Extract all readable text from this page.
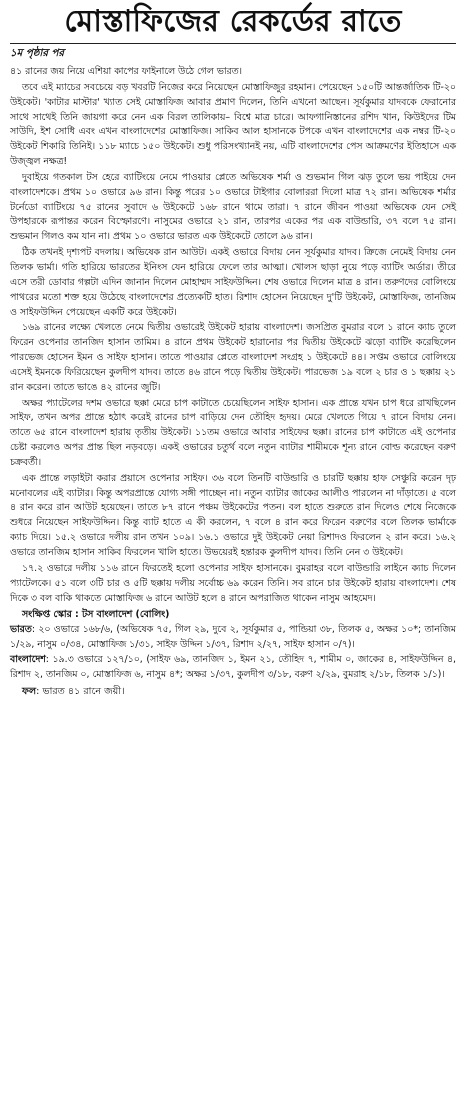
মোস্তাফিজের রেকর্ডের রাতে
১ম পৃষ্ঠার পর

৪১ রানের জয় নিয়ে এশিয়া কাপের ফাইনালে উঠে গেল ভারত।

তবে এই ম্যাচের সবচেয়ে বড় খবরটি নিজের করে নিয়েছেন মোস্তাফিজুর রহমান। পেয়েছেন ১৫০টি আন্তর্জাতিক টি-২০ উইকেট। 'কাটার মাস্টার' খ্যাত সেই মোস্তাফিজ আবার প্রমাণ দিলেন, তিনি এখনো আছেন। সূর্যকুমার যাদবকে ফেরানোর সাথে সাথেই তিনি জায়গা করে নেন এক বিরল তালিকায়– বিশ্বে মাত্র চারে। আফগানিস্তানের রশিদ খান, কিউইদের টিম সাউদি, ইশ সোধি এবং এখন বাংলাদেশের মোস্তাফিজ। সাকিব আল হাসানকে টপকে এখন বাংলাদেশের এক নম্বর টি-২০ উইকেট শিকারি তিনিই। ১১৮ ম্যাচে ১৫০ উইকেট। শুধু পরিসংখ্যানই নয়, এটি বাংলাদেশের পেস আক্রমণের ইতিহাসে এক উজ্জ্বল নক্ষত্র!

দুবাইয়ে গতকাল টস হেরে ব্যাটিংয়ে নেমে পাওয়ার প্লেতে অভিষেক শর্মা ও শুভমান গিল ঝড় তুলে ভয় পাইয়ে দেন বাংলাদেশকে। প্রথম ১০ ওভারে ৯৬ রান। কিন্তু পরের ১০ ওভারে টাইগার বোলাররা দিলো মাত্র ৭২ রান। অভিষেক শর্মার টর্নেডো ব্যাটিংয়ে ৭৫ রানের সুবাদে ৬ উইকেটে ১৬৮ রানে থামে তারা। ৭ রানে জীবন পাওয়া অভিষেক যেন সেই উপহারকে রূপান্তর করেন বিস্ফোরণে। নাসুমের ওভারে ২১ রান, তারপর একের পর এক বাউন্ডারি, ৩৭ বলে ৭৫ রান। শুভমান গিলও কম যান না। প্রথম ১০ ওভারে ভারত এক উইকেটে তোলে ৯৬ রান।

ঠিক তখনই দৃশ্যপট বদলায়। অভিষেক রান আউট। একই ওভারে বিদায় নেন সূর্যকুমার যাদব। ক্রিজে নেমেই বিদায় নেন তিলক ভার্মা। গতি হারিয়ে ভারতের ইনিংস যেন হারিয়ে ফেলে তার আত্মা। খোলস ছাড়া নুয়ে পড়ে ব্যাটিং অর্ডার। তীরে এসে তরী ডোবার গল্পটা এদিন জানান দিলেন মোহাম্মদ সাইফউদ্দিন। শেষ ওভারে দিলেন মাত্র ৪ রান। তরুণদের বোলিংয়ে পাথরের মতো শক্ত হয়ে উঠেছে বাংলাদেশের প্রত্যেকটি হাত। রিশাদ হোসেন নিয়েছেন দু'টি উইকেট, মোস্তাফিজ, তানজিম ও সাইফউদ্দিন পেয়েছেন একটি করে উইকেট।

১৬৯ রানের লক্ষ্যে খেলতে নেমে দ্বিতীয় ওভারেই উইকেট হারায় বাংলাদেশ। জসপ্রিত বুমরার বলে ১ রানে ক্যাচ তুলে ফিরেন ওপেনার তানজিদ হাসান তামিম। ৪ রানে প্রথম উইকেট হারানোর পর দ্বিতীয় উইকেটে ঝড়ো ব্যাটিং করেছিলেন পারভেজ হোসেন ইমন ও সাইফ হাসান। তাতে পাওয়ার প্লেতে বাংলাদেশ সংগ্রহ ১ উইকেটে ৪৪। সপ্তম ওভারে বোলিংয়ে এসেই ইমনকে ফিরিয়েছেন কুলদীপ যাদব। তাতে ৪৬ রানে পড়ে দ্বিতীয় উইকেট। পারভেজ ১৯ বলে ২ চার ও ১ ছক্কায় ২১ রান করেন। তাতে ভাঙে ৪২ রানের জুটি।

অক্ষর প্যাটেলের দশম ওভারে ছক্কা মেরে চাপ কাটাতে চেয়েছিলেন সাইফ হাসান। এক প্রান্তে যখন চাপ ধরে রাখছিলেন সাইফ, তখন অপর প্রান্তে হঠাৎ করেই রানের চাপ বাড়িয়ে দেন তৌহিদ হৃদয়। মেরে খেলতে গিয়ে ৭ রানে বিদায় নেন। তাতে ৬৫ রানে বাংলাদেশ হারায় তৃতীয় উইকেট। ১১তম ওভারে আবার সাইফের ছক্কা। রানের চাপ কাটাতে এই ওপেনার চেষ্টা করলেও অপর প্রান্ত ছিল নড়বড়ে। একই ওভারের চতুর্থ বলে নতুন ব্যাটার শামীমকে শূন্য রানে বোল্ড করেছেন বরুণ চক্রবর্তী।

এক প্রান্তে লড়াইটা করার প্রয়াসে ওপেনার সাইফ। ৩৬ বলে তিনটি বাউন্ডারি ও চারটি ছক্কায় হাফ সেঞ্চুরি করেন দৃঢ় মনোবলের এই ব্যাটার। কিন্তু অপরপ্রান্তে যোগ্য সঙ্গী পাচ্ছেন না। নতুন ব্যাটার জাকের আলীও পারলেন না দাঁড়াতে। ৫ বলে ৪ রান করে রান আউট হয়েছেন। তাতে ৮৭ রানে পঞ্চম উইকেটের পতন। বল হাতে শুরুতে রান দিলেও শেষে নিজেকে শুধরে নিয়েছেন সাইফউদ্দিন। কিন্তু ব্যাট হাতে এ কী করলেন, ৭ বলে ৪ রান করে ফিরেন বরুণের বলে তিলক ভার্মাকে ক্যাচ দিয়ে। ১৫.২ ওভারে দলীয় রান তখন ১০৯। ১৬.১ ওভারে দুই উইকেট নেয়া রিশাদও ফিরলেন ২ রান করে। ১৬.২ ওভারে তানজিম হাসান সাকিব ফিরলেন খালি হাতে। উভয়েরই হন্তারক কুলদীপ যাদব। তিনি নেন ৩ উইকেট।

১৭.২ ওভারে দলীয় ১১৬ রানে ফিরতেই হলো ওপেনার সাইফ হাসানকে। বুমরাহর বলে বাউন্ডারি লাইনে ক্যাচ দিলেন প্যাটেলকে। ৫১ বলে ৩টি চার ও ৫টি ছক্কায় দলীয় সর্বোচ্চ ৬৯ করেন তিনি। সব রানে চার উইকেট হারায় বাংলাদেশ। শেষ দিকে ৩ বল বাকি থাকতে মোস্তাফিজ ৬ রানে আউট হলে ৪ রানে অপরাজিত থাকেন নাসুম আহমেদ।

সংক্ষিপ্ত স্কোর : টস বাংলাদেশ (বোলিং)

ভারত: ২০ ওভারে ১৬৮/৬, (অভিষেক ৭৫, গিল ২৯, দুবে ২, সূর্যকুমার ৫, পান্ডিয়া ৩৮, তিলক ৫, অক্ষর ১০*; তানজিম ১/২৯, নাসুম ০/৩৪, মোস্তাফিজ ১/৩১, সাইফ উদ্দিন ১/৩৭, রিশাদ ২/২৭, সাইফ হাসান ০/৭)।

বাংলাদেশ: ১৯.৩ ওভারে ১২৭/১০, (সাইফ ৬৯, তানজিদ ১, ইমন ২১, তৌহিদ ৭, শামীম ০, জাকের ৪, সাইফউদ্দিন ৪, রিশাদ ২, তানজিম ০, মোস্তাফিজ ৬, নাসুম ৪*; অক্ষর ১/৩৭, কুলদীপ ৩/১৮, বরুণ ২/২৯, বুমরাহ ২/১৮, তিলক ১/১)।

ফল: ভারত ৪১ রানে জয়ী।
